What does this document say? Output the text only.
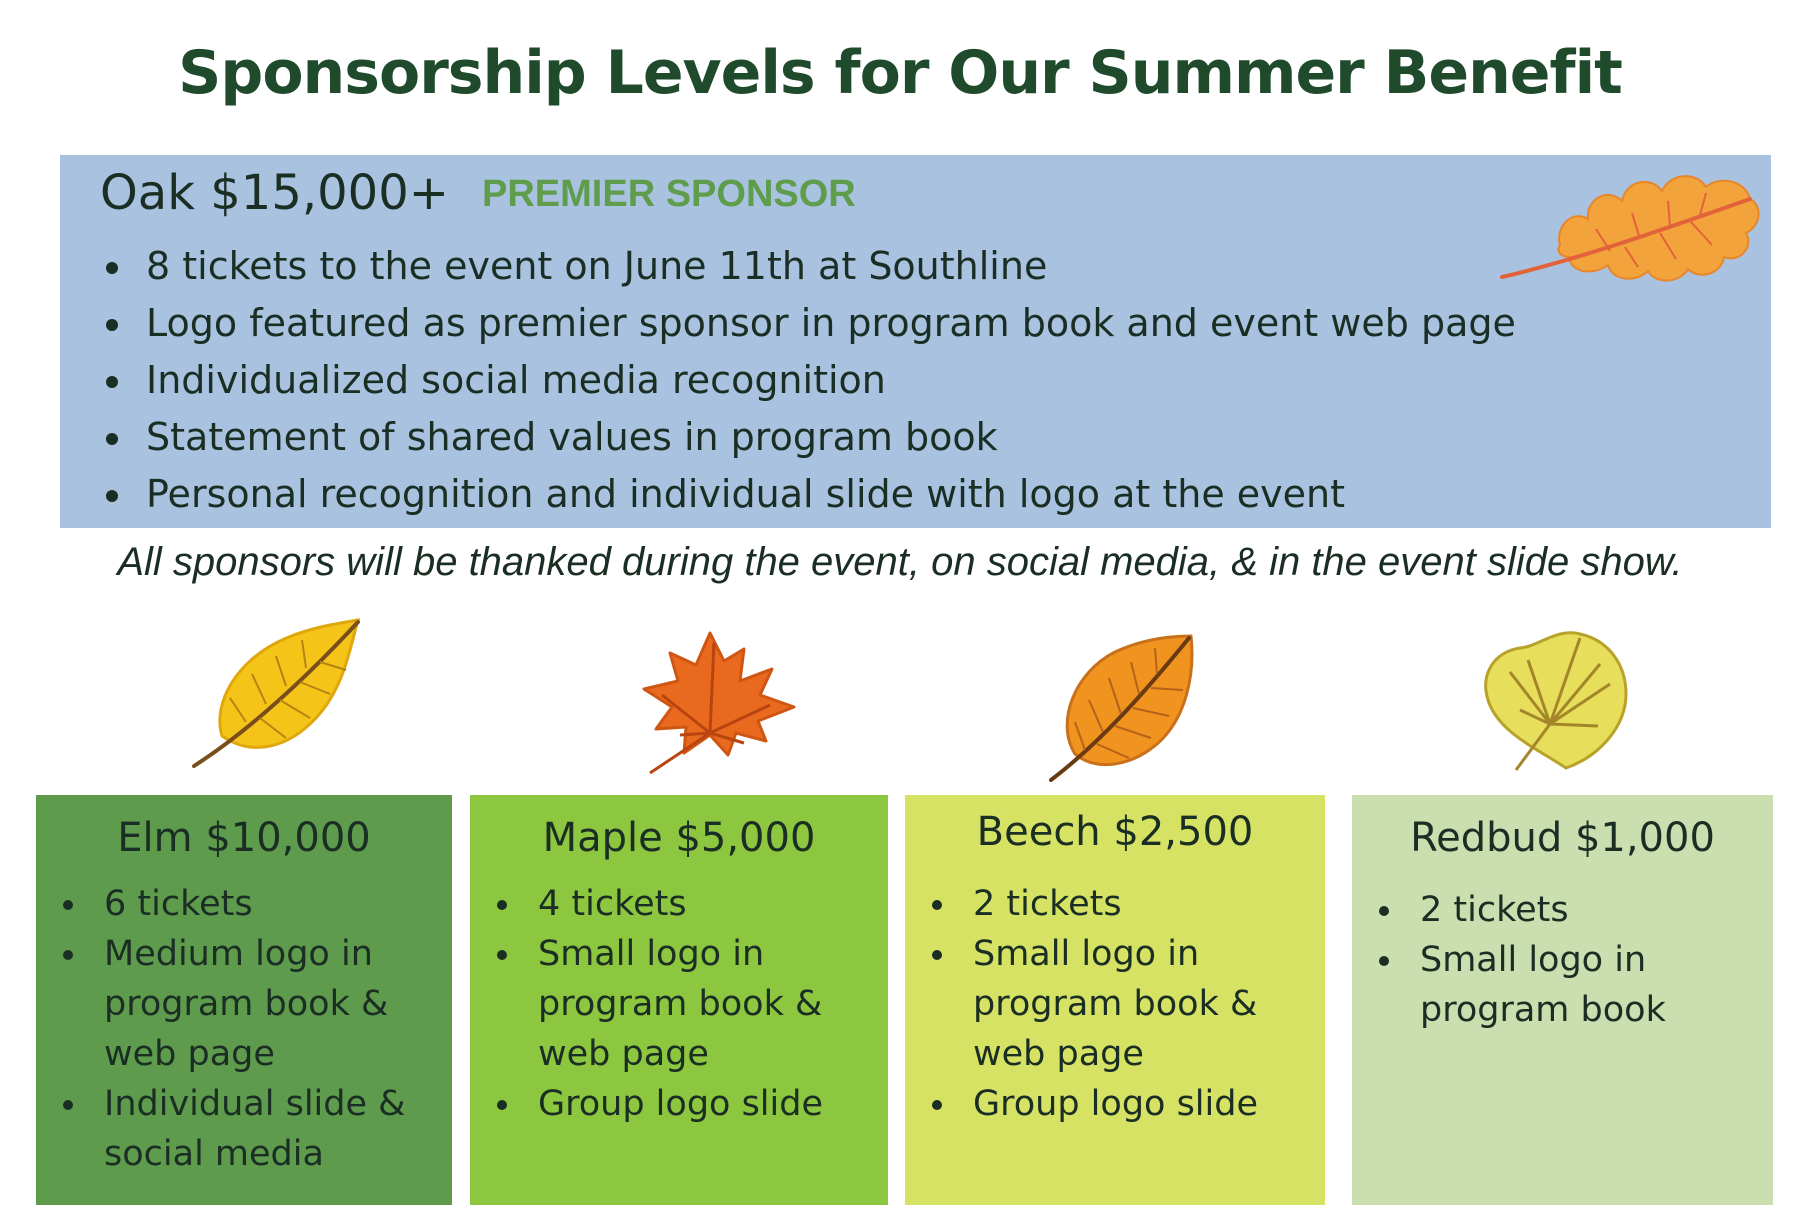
Sponsorship Levels for Our Summer Benefit
Oak $15,000+ PREMIER SPONSOR
• 8 tickets to the event on June 11th at Southline
• Logo featured as premier sponsor in program book and event web page
• Individualized social media recognition
• Statement of shared values in program book
• Personal recognition and individual slide with logo at the event
All sponsors will be thanked during the event, on social media, & in the event slide show.
Elm $10,000
• 6 tickets
• Medium logo in program book & web page
• Individual slide & social media
Maple $5,000
• 4 tickets
• Small logo in program book & web page
• Group logo slide
Beech $2,500
• 2 tickets
• Small logo in program book & web page
• Group logo slide
Redbud $1,000
• 2 tickets
• Small logo in program book
